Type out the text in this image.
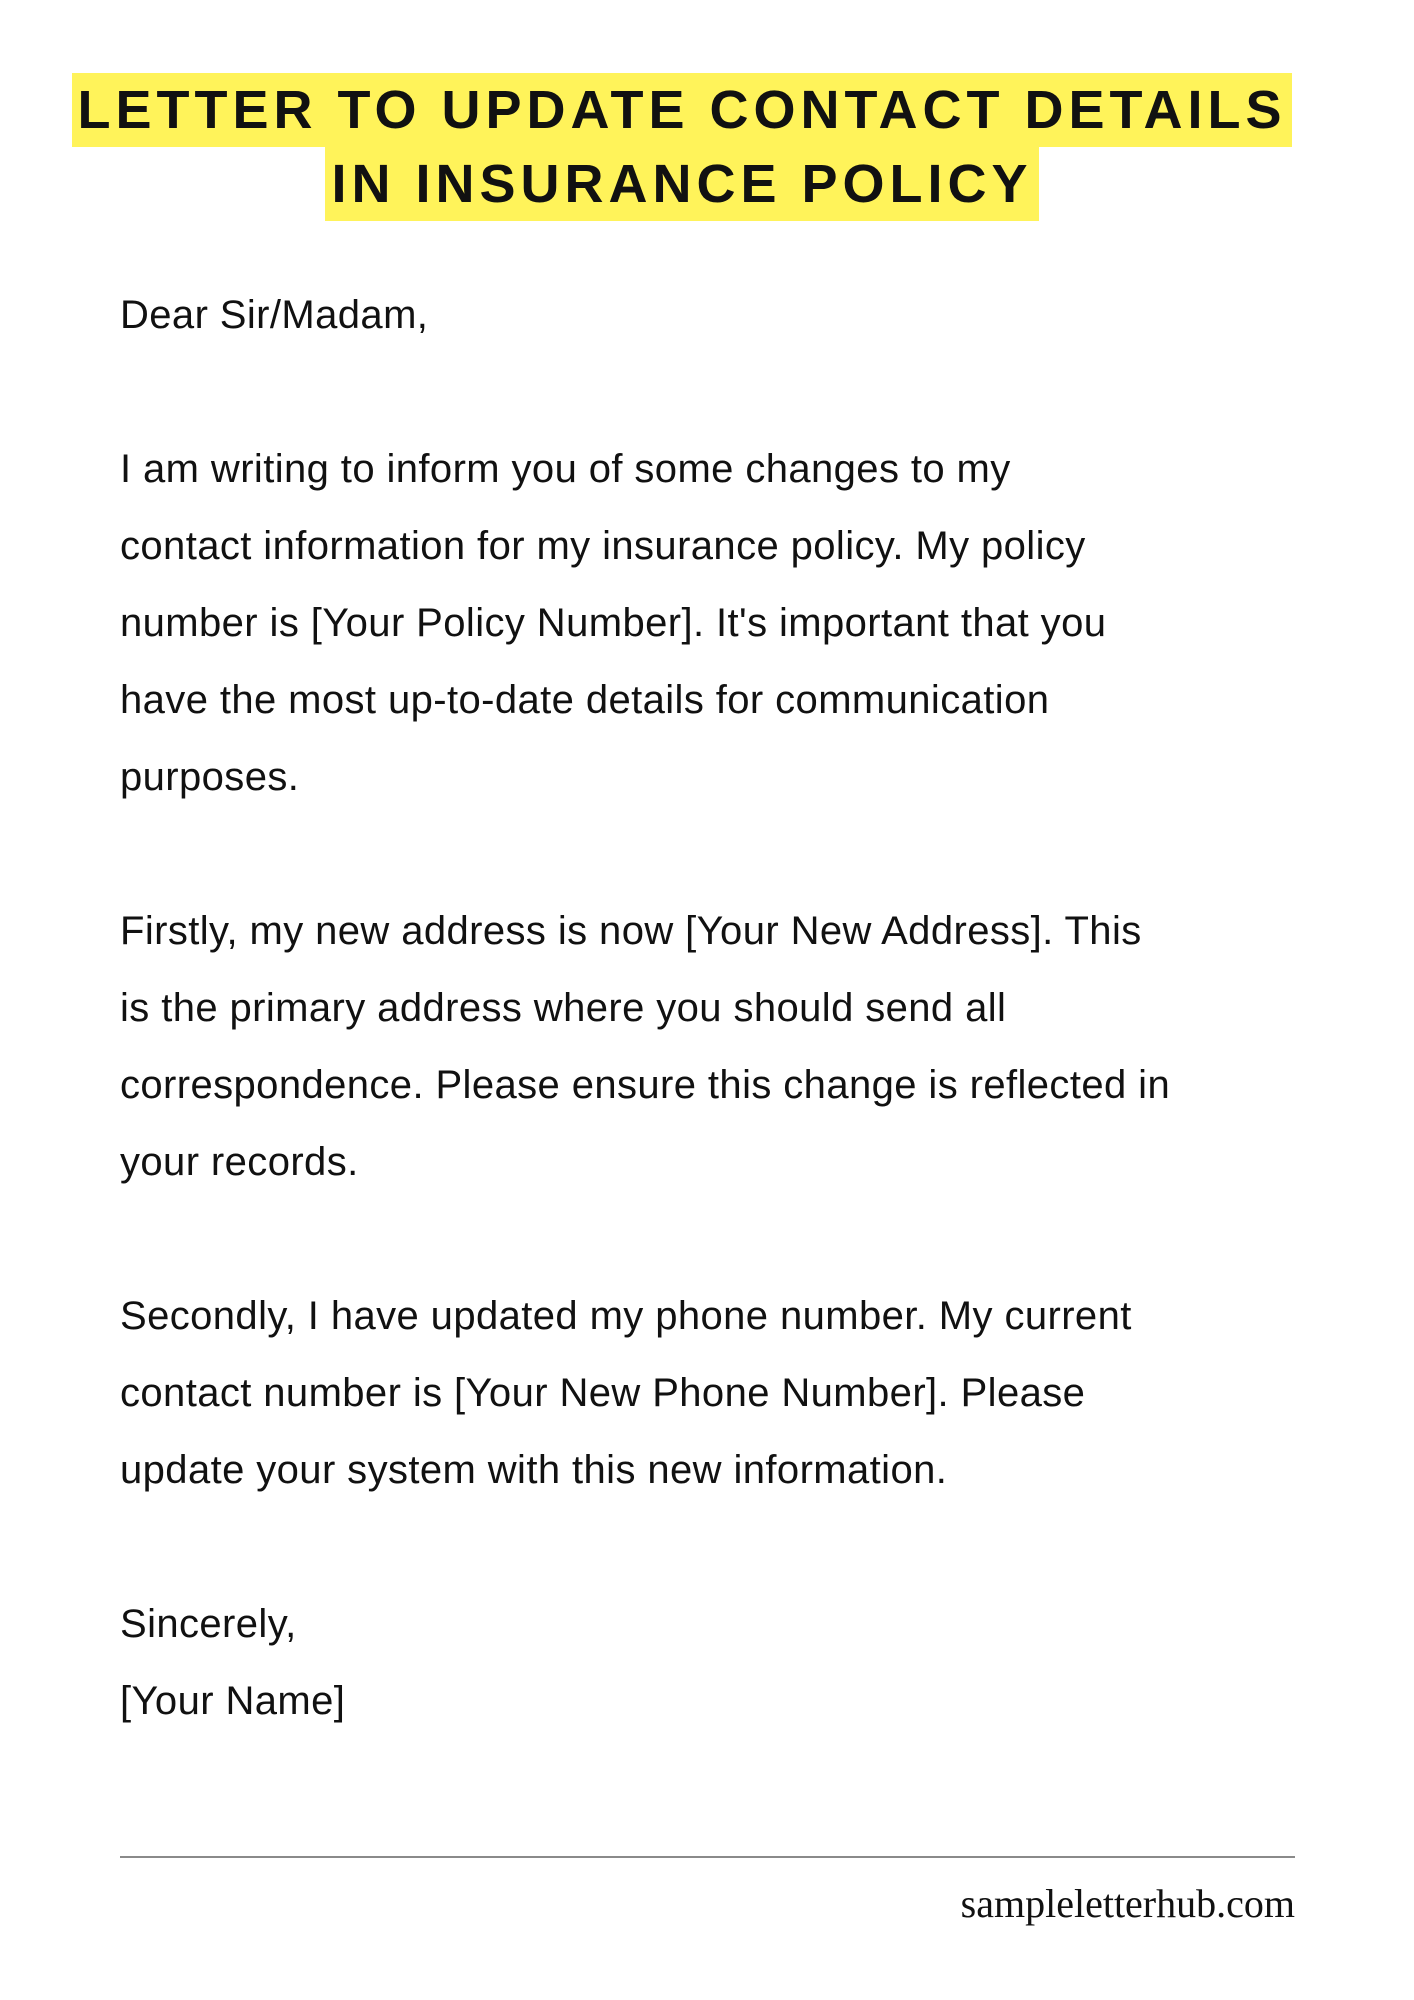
LETTER TO UPDATE CONTACT DETAILS
IN INSURANCE POLICY
Dear Sir/Madam,
I am writing to inform you of some changes to my
contact information for my insurance policy. My policy
number is [Your Policy Number]. It's important that you
have the most up-to-date details for communication
purposes.
Firstly, my new address is now [Your New Address]. This
is the primary address where you should send all
correspondence. Please ensure this change is reflected in
your records.
Secondly, I have updated my phone number. My current
contact number is [Your New Phone Number]. Please
update your system with this new information.
Sincerely,
[Your Name]
sampleletterhub.com
